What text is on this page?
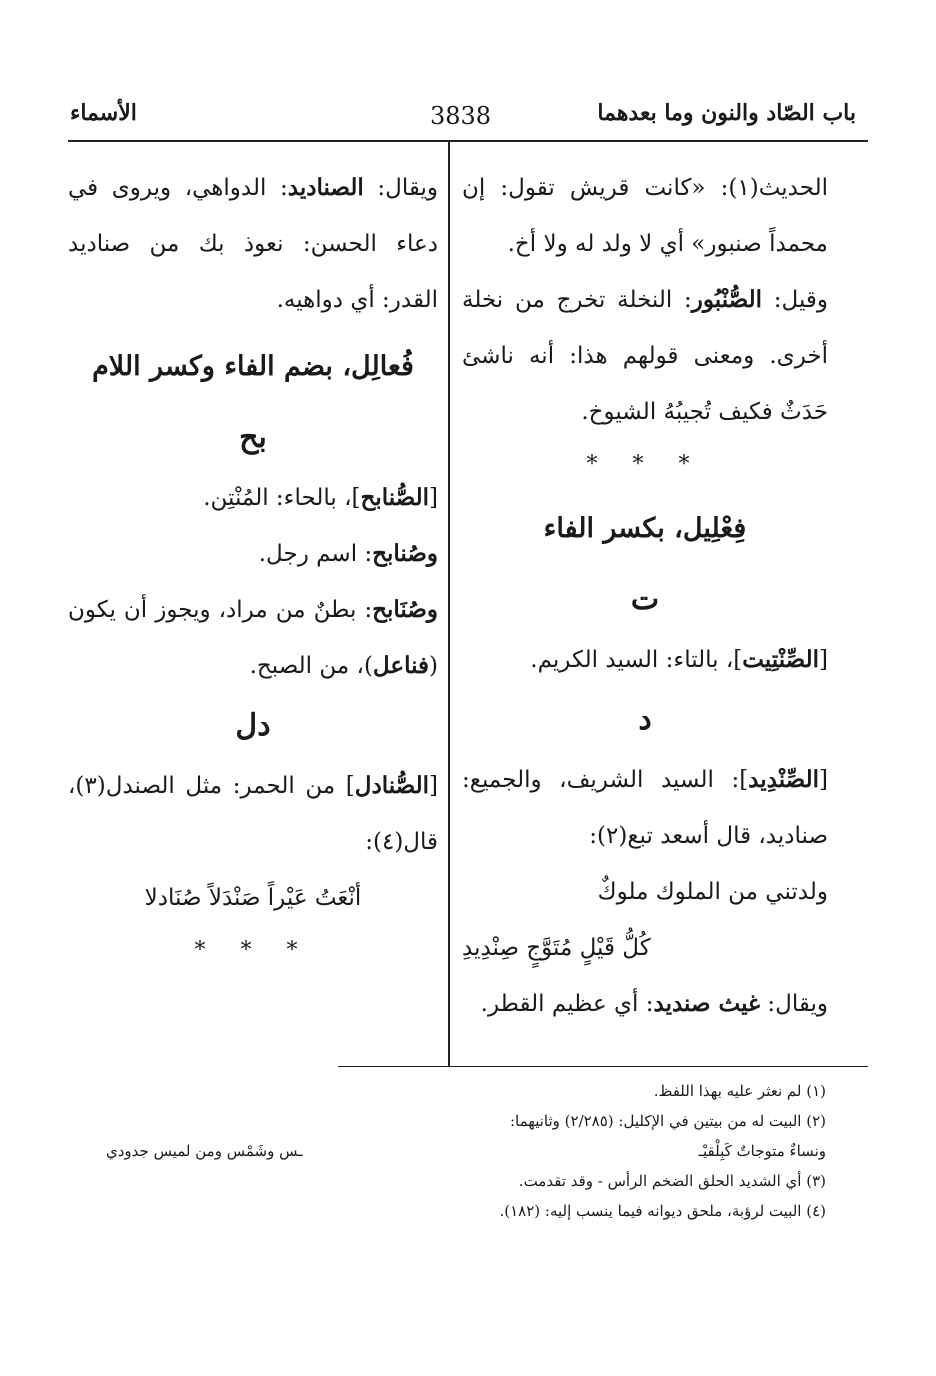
باب الصّاد والنون وما بعدهما
3838
الأسماء

الحديث(١): «كانت قريش تقول: إن محمداً صنبور» أي لا ولد له ولا أخ.

وقيل: الصُّنْبُور: النخلة تخرج من نخلة أخرى. ومعنى قولهم هذا: أنه ناشئ حَدَثٌ فكيف تُجيبُهُ الشيوخ.

* * *
فِعْلِيل، بكسر الفاء
ت

[الصِّنْتِيت]، بالتاء: السيد الكريم.

د

[الصِّنْدِيد]: السيد الشريف، والجميع: صناديد، قال أسعد تبع(٢):

ولدتني من الملوك ملوكٌ
كُلُّ قَيْلٍ مُتَوَّجٍ صِنْدِيدِ

ويقال: غيث صنديد: أي عظيم القطر.

ويقال: الصناديد: الدواهي، ويروى في دعاء الحسن: نعوذ بك من صناديد القدر: أي دواهيه.

فُعالِل، بضم الفاء وكسر اللام
بح

[الصُّنابح]، بالحاء: المُنْتِن.

وصُنابح: اسم رجل.

وصُنَابح: بطنٌ من مراد، ويجوز أن يكون (فناعل)، من الصبح.

دل

[الصُّنادل] من الحمر: مثل الصندل(٣)، قال(٤):

أنْعَتُ عَيْراً صَنْدَلاً صُنَادلا
* * *

(١) لم نعثر عليه بهذا اللفظ.

(٢) البيت له من بيتين في الإكليل: (٢/٢٨٥) وثانيهما:

ونساءٌ متوجاتٌ كَبِلْقيْـ
ـس وشَمْس ومن لميس جدودي

(٣) أي الشديد الحلق الضخم الرأس - وقد تقدمت.

(٤) البيت لرؤبة، ملحق ديوانه فيما ينسب إليه: (١٨٢).
